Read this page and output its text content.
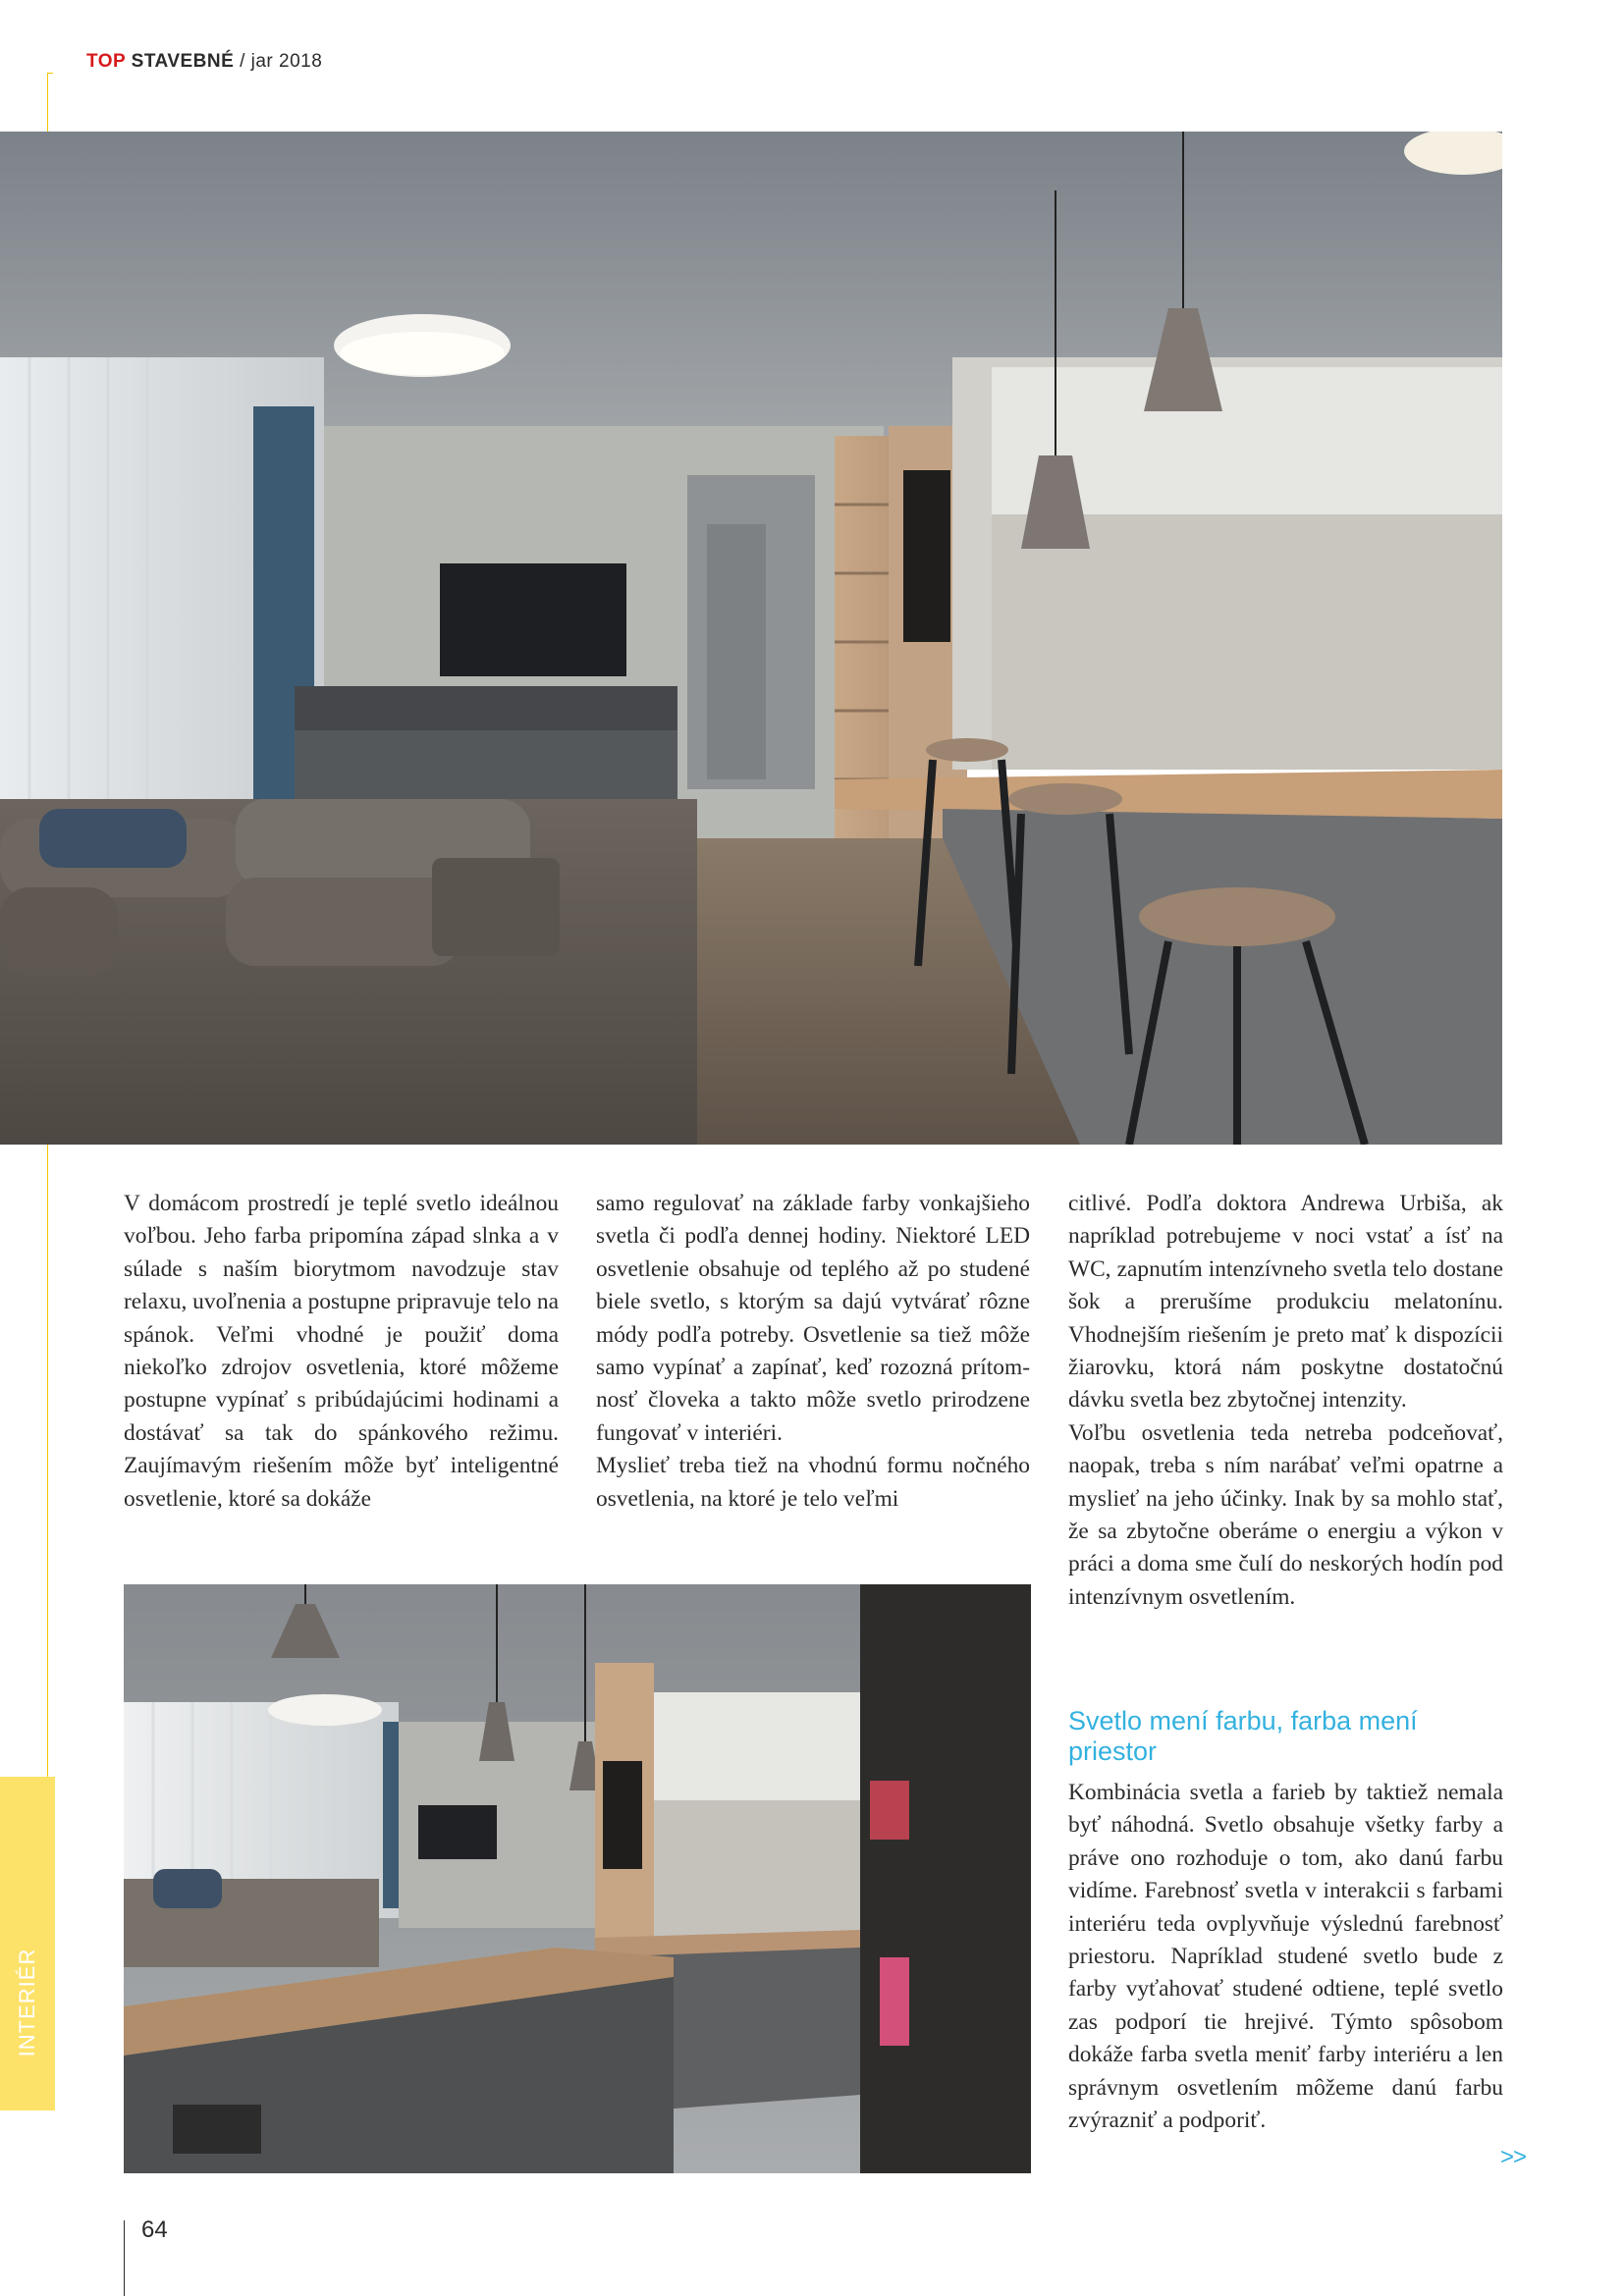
TOP STAVEBNÉ / jar 2018

V domácom prostredí je teplé svetlo ideálnou voľbou. Jeho farba pripomína západ slnka a v súlade s naším biorytmom navodzuje stav relaxu, uvoľnenia a postupne pripravuje telo na spánok. Veľmi vhodné je použiť doma niekoľko zdrojov osvetlenia, ktoré môžeme postupne vypínať s pribúdajúcimi hodinami a dostávať sa tak do spánkového režimu. Zaujímavým riešením môže byť inteligentné osvetlenie, ktoré sa dokáže

samo regulovať na základe farby vonkajšieho svetla či podľa dennej hodiny. Niektoré LED osvetlenie obsahuje od teplého až po studené biele svetlo, s ktorým sa dajú vytvárať rôzne módy podľa potreby. Osvetlenie sa tiež môže samo vypínať a zapínať, keď rozozná prítomnosť človeka a takto môže svetlo prirodzene fungovať v interiéri.

Myslieť treba tiež na vhodnú formu nočného osvetlenia, na ktoré je telo veľmi

citlivé. Podľa doktora Andrewa Urbiša, ak napríklad potrebujeme v noci vstať a ísť na WC, zapnutím intenzívneho svetla telo dostane šok a prerušíme produkciu melatonínu. Vhodnejším riešením je preto mať k dispozícii žiarovku, ktorá nám poskytne dostatočnú dávku svetla bez zbytočnej intenzity.

Voľbu osvetlenia teda netreba podceňovať, naopak, treba s ním narábať veľmi opatrne a myslieť na jeho účinky. Inak by sa mohlo stať, že sa zbytočne oberáme o energiu a výkon v práci a doma sme čulí do neskorých hodín pod intenzívnym osvetlením.

Svetlo mení farbu, farba mení priestor

Kombinácia svetla a farieb by taktiež nemala byť náhodná. Svetlo obsahuje všetky farby a práve ono rozhoduje o tom, ako danú farbu vidíme. Farebnosť svetla v interakcii s farbami interiéru teda ovplyvňuje výslednú farebnosť priestoru. Napríklad studené svetlo bude z farby vyťahovať studené odtiene, teplé svetlo zas podporí tie hrejivé. Týmto spôsobom dokáže farba svetla meniť farby interiéru a len správnym osvetlením môžeme danú farbu zvýrazniť a podporiť.

>>
INTERIÉR
64
